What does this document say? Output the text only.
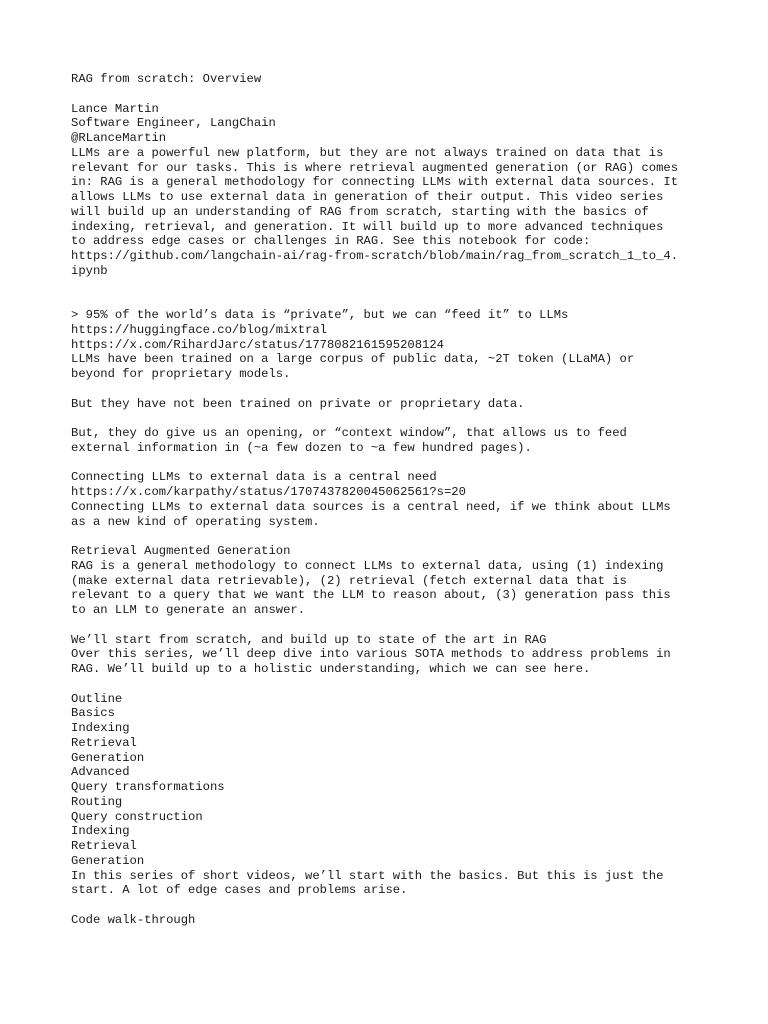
RAG from scratch: Overview
Lance Martin
Software Engineer, LangChain
@RLanceMartin
LLMs are a powerful new platform, but they are not always trained on data that is
relevant for our tasks. This is where retrieval augmented generation (or RAG) comes
in: RAG is a general methodology for connecting LLMs with external data sources. It
allows LLMs to use external data in generation of their output. This video series
will build up an understanding of RAG from scratch, starting with the basics of
indexing, retrieval, and generation. It will build up to more advanced techniques
to address edge cases or challenges in RAG. See this notebook for code:
https://github.com/langchain-ai/rag-from-scratch/blob/main/rag_from_scratch_1_to_4.
ipynb
> 95% of the world’s data is “private”, but we can “feed it” to LLMs
https://huggingface.co/blog/mixtral
https://x.com/RihardJarc/status/1778082161595208124
LLMs have been trained on a large corpus of public data, ~2T token (LLaMA) or
beyond for proprietary models.
But they have not been trained on private or proprietary data.
But, they do give us an opening, or “context window”, that allows us to feed
external information in (~a few dozen to ~a few hundred pages).
Connecting LLMs to external data is a central need
https://x.com/karpathy/status/1707437820045062561?s=20
Connecting LLMs to external data sources is a central need, if we think about LLMs
as a new kind of operating system.
Retrieval Augmented Generation
RAG is a general methodology to connect LLMs to external data, using (1) indexing
(make external data retrievable), (2) retrieval (fetch external data that is
relevant to a query that we want the LLM to reason about, (3) generation pass this
to an LLM to generate an answer.
We’ll start from scratch, and build up to state of the art in RAG
Over this series, we’ll deep dive into various SOTA methods to address problems in
RAG. We’ll build up to a holistic understanding, which we can see here.
Outline
Basics
Indexing
Retrieval
Generation
Advanced
Query transformations
Routing
Query construction
Indexing
Retrieval
Generation
In this series of short videos, we’ll start with the basics. But this is just the
start. A lot of edge cases and problems arise.
Code walk-through
